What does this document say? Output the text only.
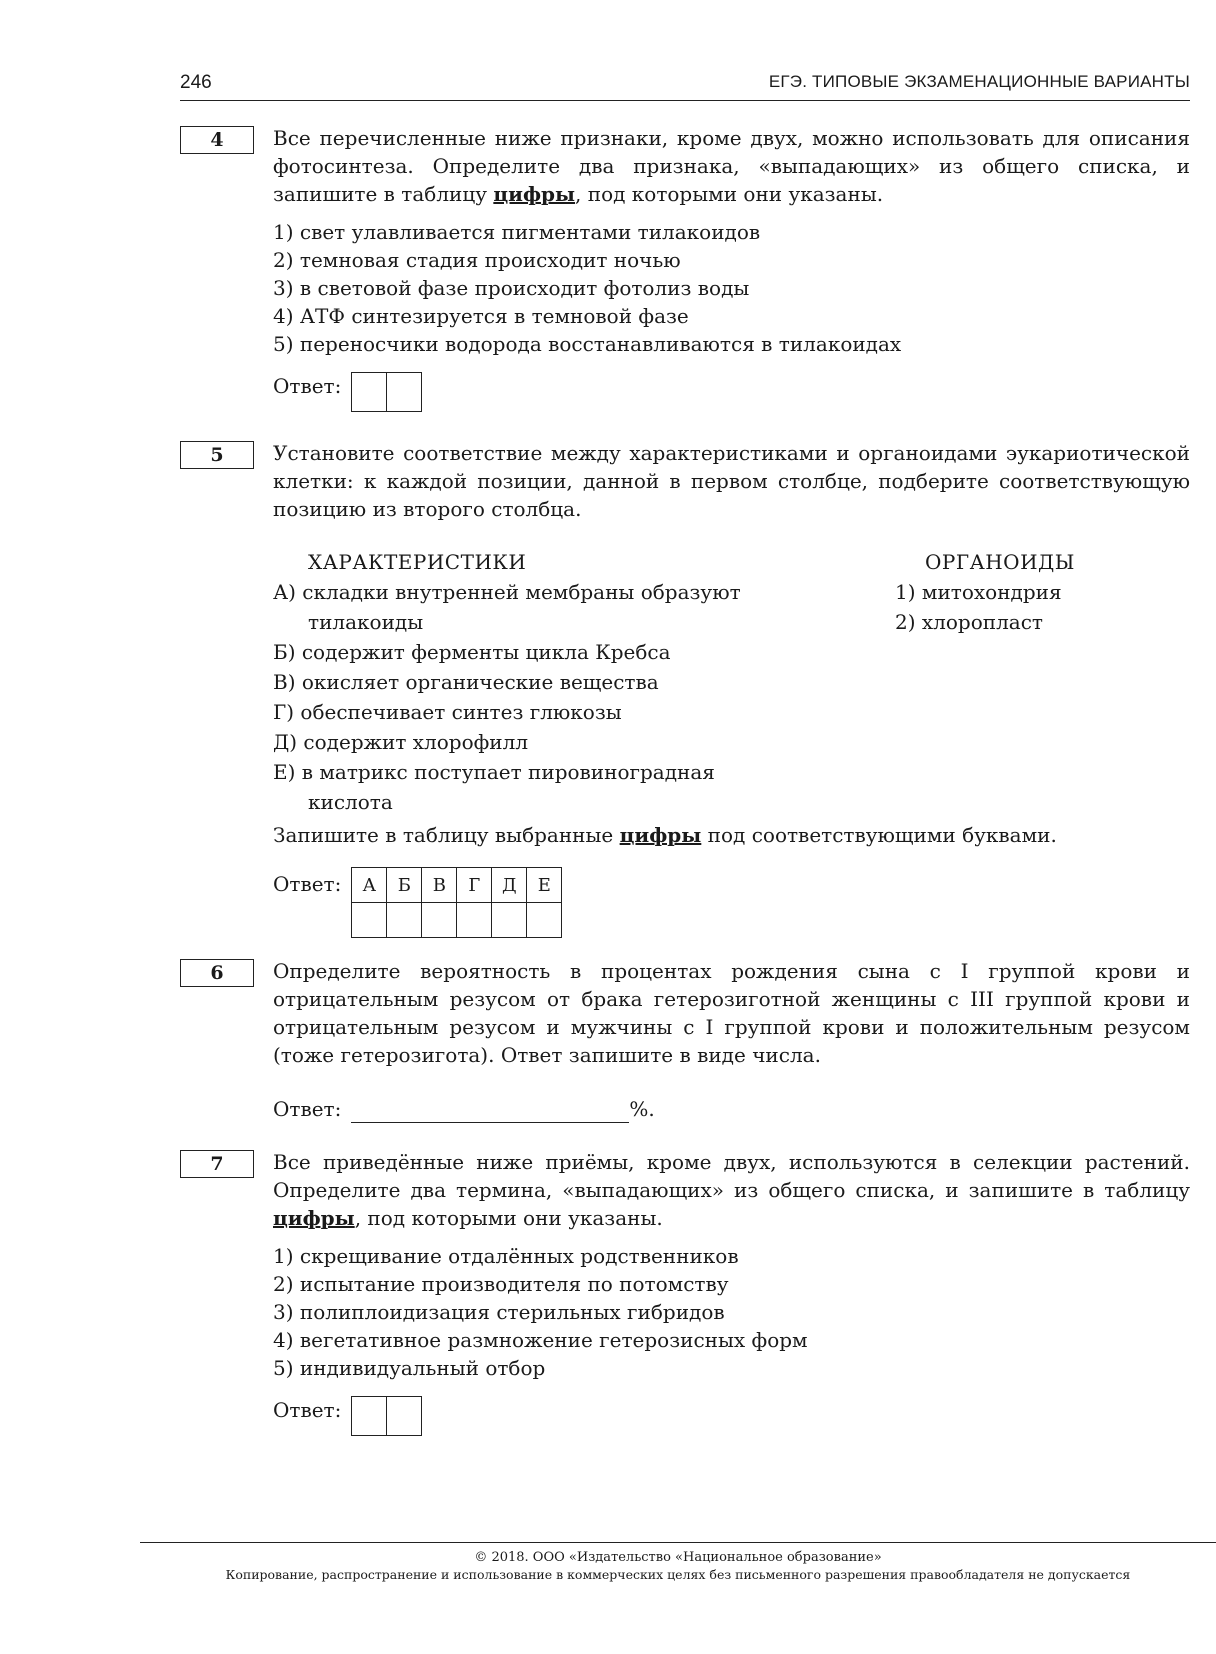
246	ЕГЭ. ТИПОВЫЕ ЭКЗАМЕНАЦИОННЫЕ ВАРИАНТЫ
4	Все перечисленные ниже признаки, кроме двух, можно использовать для описания фотосинтеза. Определите два признака, «выпадающих» из общего списка, и запишите в таблицу цифры, под которыми они указаны.

1) свет улавливается пигментами тилакоидов
2) темновая стадия происходит ночью
3) в световой фазе происходит фотолиз воды
4) АТФ синтезируется в темновой фазе
5) переносчики водорода восстанавливаются в тилакоидах
Ответ:
5	Установите соответствие между характеристиками и органоидами эукариотической клетки: к каждой позиции, данной в первом столбце, подберите соответствующую позицию из второго столбца.

ХАРАКТЕРИСТИКИ
А) складки внутренней мембраны образуют тилакоиды
Б) содержит ферменты цикла Кребса
В) окисляет органические вещества
Г) обеспечивает синтез глюкозы
Д) содержит хлорофилл
Е) в матрикс поступает пировиноградная кислота
ОРГАНОИДЫ
1) митохондрия
2) хлоропласт

Запишите в таблицу выбранные цифры под соответствующими буквами.

Ответ: А	Б	В	Г	Д	Е

6	Определите вероятность в процентах рождения сына с I группой крови и отрицательным резусом от брака гетерозиготной женщины с III группой крови и отрицательным резусом и мужчины с I группой крови и положительным резусом (тоже гетерозигота). Ответ запишите в виде числа.

Ответ:	%.
7	Все приведённые ниже приёмы, кроме двух, используются в селекции растений. Определите два термина, «выпадающих» из общего списка, и запишите в таблицу цифры, под которыми они указаны.

1) скрещивание отдалённых родственников
2) испытание производителя по потомству
3) полиплоидизация стерильных гибридов
4) вегетативное размножение гетерозисных форм
5) индивидуальный отбор
Ответ:
© 2018. ООО «Издательство «Национальное образование»
Копирование, распространение и использование в коммерческих целях без письменного разрешения правообладателя не допускается
